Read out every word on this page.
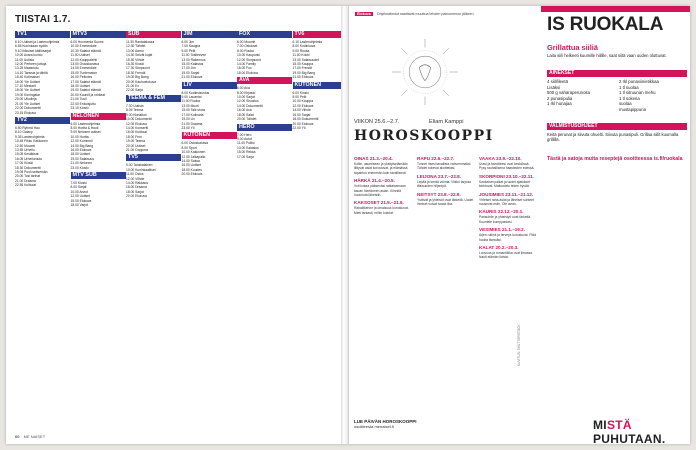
TIISTAI 1.7.
TV1
6.10 Uutiset ja Lastenohjelmia
6.55 Kuninkaan sydän
9.10 Ikikuiset kätilösarjat
10.00 Avara luonto
11.00 Uutisia
12.00 Perheen juttuja
13.25 Maaseutu
14.10 Tanssia ja tähtiä
15.40 Kotimaiset
16.00 Yle Uutiset
17.10 Mestarit
18.00 Yle Uutiset
19.00 Kuningatar
20.00 Ulkolinja
21.00 Yle Uutiset
22.00 Dokumentti
23.15 Elokuva
TV2
6.50 Ryhmä Hau
8.10 Galaxy
9.35 Lastenohjelmia
10.45 Pikku Kakkonen
12.50 Muumit
13.55 Urheilu
15.05 Kesäkisat
16.05 Urheiluruutu
17.00 Kioski
18.30 Dokumentti
19.05 Puoli seitsemän
20.00 Tosi tarinat
21.00 Draama
22.55 Kulttuuri
MTV3
6.00 Huomenta Suomi
10.00 Emmerdale
10.30 Salatut elämät
11.00 Uutiset
12.00 Kauppalehti
13.00 Ostoskanava
14.00 Emmerdale
15.00 Tuntematon
16.00 Pelimies
17.00 Salatut elämät
18.00 Uutiset
19.00 Salatut elämät
20.00 Kauniit ja rohkeat
21.00 Tuuli
22.00 Erikoisjuttu
23.10 Kioski
NELONEN
6.00 Lastenohjelmia
8.00 Hurtta & Huoli
9.00 Nelosen uutiset
10.00 Hurtta
12.00 Kummeli
14.00 Big Bang
16.00 Elokuva
18.00 Uutiset
19.00 Salaisuus
21.00 Nelonen
23.00 Kioski
MTV SUB
7.00 Kioski
8.00 Sarjat
10.00 Arviot
12.00 Uutiset
15.00 Elokuva
18.00 Varjot
SUB
11.30 Rantatalossa
12.30 Tähdet
13.00 Aamu
14.30 Selvät kujat
15.30 Viihde
16.30 Kioski
17.30 Simpsonit
18.30 Frendit
19.00 Big Bang
20.00 Kauhuelokuva
21.00 Ex
22.00 Sarja
TEEMA & FEM
7.30 Uutisia
8.05 Teema
9.00 Klassikot
10.00 Dokumentti
12.00 Elokuva
14.00 Konsertti
16.00 Kulttuuri
18.00 Fem
19.00 Teema
20.00 Uutiset
21.00 Ooppera
TV5
9.00 Tanskalainen
10.00 Kuninkaalliset
11.00 Ostos
12.00 Viihde
14.00 Rakkaus
16.00 Draama
18.00 Sarjat
20.00 Elokuva
JIM
6.00 Jim
7.00 Kauppa
9.00 Pelit
11.00 Tositeevee
13.00 Rakennus
15.00 Kalastus
17.00 Jim
19.00 Sarjat
21.00 Elokuva
LIV
8.00 Kodinsisustus
9.00 Lauantai
11.00 Ruoka
13.00 Muoti
15.00 Talk show
17.00 Kulinaria
19.00 Liv
21.00 Draama
23.00 Yö
KUTONEN
6.00 Ostoskanava
8.00 Sport
10.00 Kakkonen
12.00 Jalkapallo
14.00 Saksa
16.00 Uutiset
18.00 Kuudes
20.00 Elokuva
FOX
6.00 Muumit
7.00 Ostokset
8.00 Ruoka
10.00 Kaupunki
12.00 Simpsonit
14.00 Family
16.00 Fox
18.00 Elokuva
AVA
6.00 Ava
8.00 Kirjasto
10.00 Sarjat
12.00 Sisustus
14.00 Dokumentti
16.00 Ava
18.00 Salat
20.00 Tähdet
HERO
7.00 Hero
9.00 Autot
11.00 Poliisi
13.00 Kalastus
15.00 Rekka
17.00 Sarja
TV6
6.10 Lastenohjelmia
8.00 Kodinkuva
9.00 Ruoka
11.00 Kokki
13.00 Salaisuudet
15.00 Kauppa
17.00 Frendit
19.00 Big Bang
21.00 Elokuva
KUTONEN
6.00 Kioski
8.00 Pelit
10.00 Kauppa
12.00 Elokuva
14.00 Viihde
16.00 Sarjat
18.00 Dokumentti
20.00 Elokuva
22.00 Yö
60 ME NAISET
Elokuva Ohjelmatiedot saattavat muuttua lehden painomenon jälkeen.
VIIKON 25.6.–2.7.	Eliam Kamppi
HOROSKOOPPI
OINAS 21.3.–20.4.
Kotiin, asumiseen ja yksityiselämään liittyvät asiat korostuvat, ja elämässä tapahtuu enemmän kuin tavallisesti.
HÄRKÄ 21.4.–20.5.
Voit kokea pääseväsi ratkaisemaan kauan hiertäneen asian. Kiinnitä huomiota läheisiin.
KAKSOSET 21.5.–21.6.
Rahaliikenne ja omaisuus korostuvat. Mieti tarkasti, mihin kulutat.
RAPU 22.6.–22.7.
Tunnet itsesi tavallista vahvemmaksi. Tähdet tukevat aloitteitasi.
LEIJONA 23.7.–22.8.
Lepää ja kerää voimia. Viikko tarjoaa tilaisuuden hiljentyä.
NEITSYT 23.8.–22.9.
Ystävät ja yhteisöt ovat tärkeitä. Uudet ihmiset voivat tuoda iloa.
VAAKA 23.9.–22.10.
Urasi ja tavoitteesi ovat keskiössä. Pysy rauhallisena haasteiden edessä.
SKORPIONI 23.10.–22.11.
Kaukaiset paikat ja uudet ajatukset kiehtovat. Matkustelu tekee hyvää.
JOUSIMIES 23.11.–21.12.
Yhteiset raha-asiat ja läheiset suhteet nousevat esiin. Ole avoin.
KAURIS 22.12.–20.1.
Parisuhde ja yhteistyö ovat tärkeitä. Kuuntele kumppaniasi.
VESIMIES 21.1.–19.2.
Arjen rutiinit ja terveys korostuvat. Pidä huolta itsestäsi.
KALAT 20.2.–20.3.
Luovuus ja romantiikka ovat ilmassa. Nauti elämän iloista.
KUVITUS: SHUTTERSTOCK
LUE PÄIVÄN HOROSKOOPPI
osoitteesta menaiset.fi
IS RUOKALA
Grillattua siiliä
Laita siili helkeeti kuumille hiilille, saat siitä vaan uuden oluttuvat.
AINEKSET
4 siilifileetä
Lisäksi
500 g vaharaperunoita
2 punasipulia
1 rkl hunajaa
2 rkl punaviinietikkaa
1 tl suolaa
1 tl sitruunan mehu
1 tl sokeria
suolaa
mustapippuria
VALMISTUSOHJEET
Keitä perunat ja siivuta ohuelti. Siivuta punasipuli. Grillaa siilit kuumalla grillillä.
Tästä ja satoja muita reseptejä osoitteessa is.fi/ruokala
MISTÄ PUHUTAAN.
